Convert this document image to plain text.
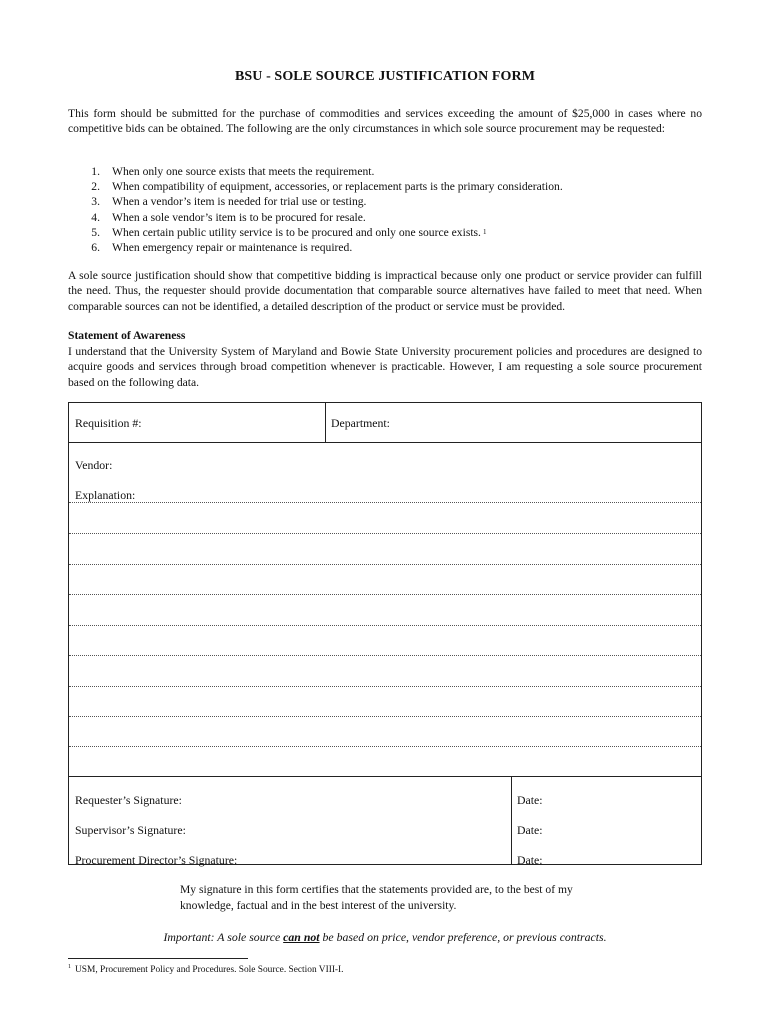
BSU - SOLE SOURCE JUSTIFICATION FORM
This form should be submitted for the purchase of commodities and services exceeding the amount of $25,000 in cases where no competitive bids can be obtained. The following are the only circumstances in which sole source procurement may be requested:
1.	When only one source exists that meets the requirement.
2.	When compatibility of equipment, accessories, or replacement parts is the primary consideration.
3.	When a vendor’s item is needed for trial use or testing.
4.	When a sole vendor’s item is to be procured for resale.
5.	When certain public utility service is to be procured and only one source exists. 1
6.	When emergency repair or maintenance is required.
A sole source justification should show that competitive bidding is impractical because only one product or service provider can fulfill the need. Thus, the requester should provide documentation that comparable source alternatives have failed to meet that need. When comparable sources can not be identified, a detailed description of the product or service must be provided.
Statement of Awareness
I understand that the University System of Maryland and Bowie State University procurement policies and procedures are designed to acquire goods and services through broad competition whenever is practicable. However, I am requesting a sole source procurement based on the following data.
Requisition #:	Department:
Vendor:
Explanation:
Requester’s Signature:	Date:
Supervisor’s Signature:	Date:
Procurement Director’s Signature:	Date:
My signature in this form certifies that the statements provided are, to the best of my knowledge, factual and in the best interest of the university.
Important: A sole source can not be based on price, vendor preference, or previous contracts.
$^1$ USM, Procurement Policy and Procedures. Sole Source. Section VIII-I.
